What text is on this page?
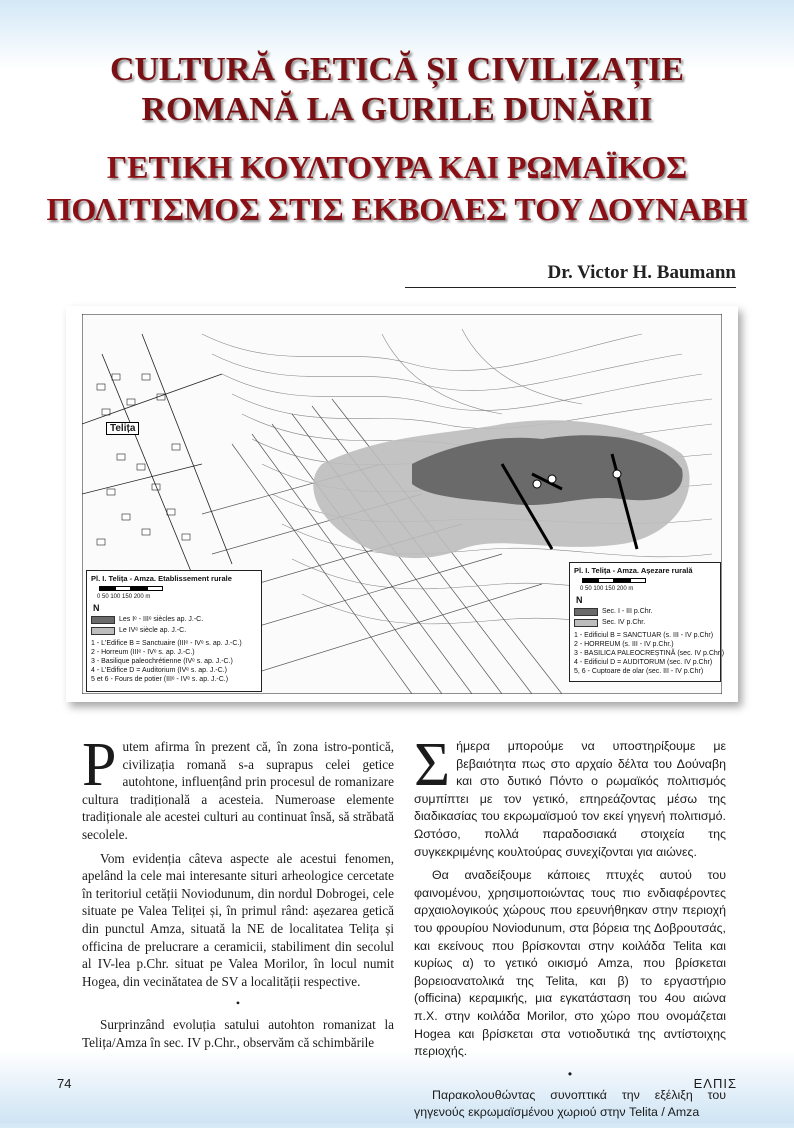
CULTURĂ GETICĂ ȘI CIVILIZAȚIE
ROMANĂ LA GURILE DUNĂRII
ΓΕΤΙΚΗ ΚΟΥΛΤΟΥΡΑ ΚΑΙ ΡΩΜΑЇΚΟΣ
ΠΟΛΙΤΙΣΜΟΣ ΣΤΙΣ ΕΚΒΟΛΕΣ ΤΟΥ ΔΟΥΝΑΒΗ
Dr. Victor H. Baumann
Telița
Pl. I. Telița - Amza. Etablissement rurale
0 50 100 150 200 m
N
Les Iᵉ - IIIᵉ siècles ap. J.-C.
Le IVᵉ siècle ap. J.-C.
1 - L'Edifice B = Sanctuaire (IIIᵉ - IVᵉ s. ap. J.-C.)
2 - Horreum (IIIᵉ - IVᵉ s. ap. J.-C.)
3 - Basilique paleochrétienne (IVᵉ s. ap. J.-C.)
4 - L'Edifice D = Auditorium (IVᵉ s. ap. J.-C.)
5 et 6 - Fours de potier (IIIᵉ - IVᵉ s. ap. J.-C.)
Pl. I. Telița - Amza. Așezare rurală
0 50 100 150 200 m
N
Sec. I - III p.Chr.
Sec. IV p.Chr.
1 - Edificiul B = SANCTUAR (s. III - IV p.Chr)
2 - HORREUM (s. III - IV p.Chr.)
3 - BASILICA PALEOCREȘTINĂ (sec. IV p.Chr.)
4 - Edificiul D = AUDITORUM (sec. IV p.Chr)
5, 6 - Cuptoare de olar (sec. III - IV p.Chr)

Putem afirma în prezent că, în zona istro-pontică, civilizația romană s-a suprapus celei getice autohtone, influențând prin procesul de romanizare cultura tradițională a acesteia. Numeroase elemente tradiționale ale acestei culturi au continuat însă, să străbată secolele.

Vom evidenția câteva aspecte ale acestui fenomen, apelând la cele mai interesante situri arheologice cercetate în teritoriul cetății Noviodunum, din nordul Dobrogei, cele situate pe Valea Teliței și, în primul rând: așezarea getică din punctul Amza, situată la NE de localitatea Telița și officina de prelucrare a ceramicii, stabiliment din secolul al IV-lea p.Chr. situat pe Valea Morilor, în locul numit Hogea, din vecinătatea de SV a localității respective.

•

Surprinzând evoluția satului autohton romanizat la Telița/Amza în sec. IV p.Chr., observăm că schimbările

Σήμερα μπορούμε να υποστηρίξουμε με βεβαιότητα πως στο αρχαίο δέλτα του Δούναβη και στο δυτικό Πόντο ο ρωμαϊκός πολιτισμός συμπίπτει με τον γετικό, επηρεάζοντας μέσω της διαδικασίας του εκρωμαϊσμού τον εκεί γηγενή πολιτισμό. Ωστόσο, πολλά παραδοσιακά στοιχεία της συγκεκριμένης κουλτούρας συνεχίζονται για αιώνες.

Θα αναδείξουμε κάποιες πτυχές αυτού του φαινομένου, χρησιμοποιώντας τους πιο ενδιαφέροντες αρχαιολογικούς χώρους που ερευνήθηκαν στην περιοχή του φρουρίου Noviodunum, στα βόρεια της Δοβρουτσάς, και εκείνους που βρίσκονται στην κοιλάδα Telita και κυρίως α) το γετικό οικισμό Amza, που βρίσκεται βορειοανατολικά της Telita, και β) το εργαστήριο (officina) κεραμικής, μια εγκατάσταση του 4ου αιώνα π.Χ. στην κοιλάδα Morilor, στο χώρο που ονομάζεται Hogea και βρίσκεται στα νοτιοδυτικά της αντίστοιχης περιοχής.

•

Παρακολουθώντας συνοπτικά την εξέλιξη του γηγενούς εκρωμαϊσμένου χωριού στην Telita / Amza

74	ΕΛΠΙΣ
